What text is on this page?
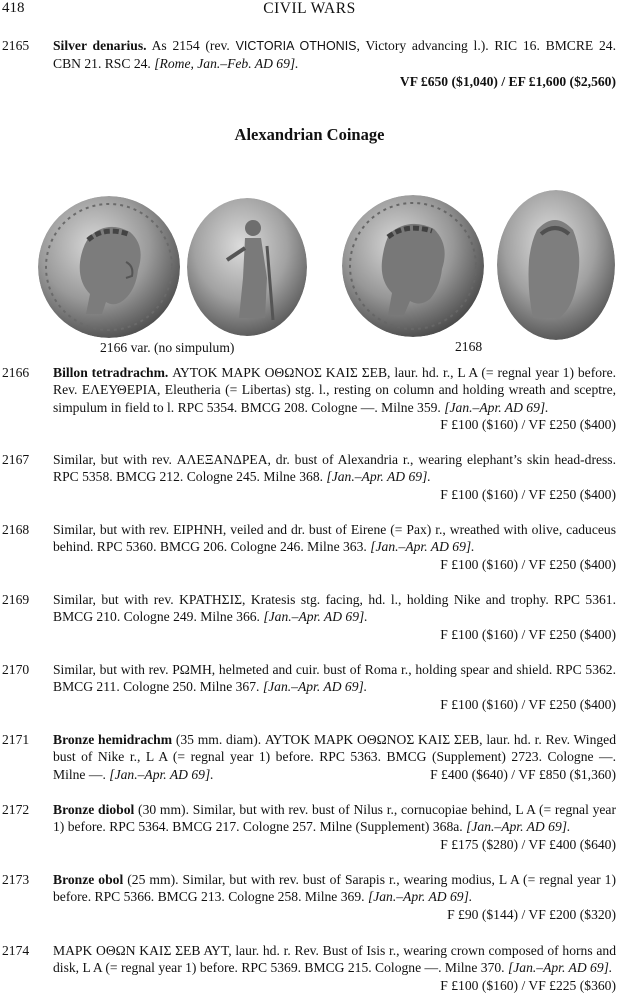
CIVIL WARS
418
2165 Silver denarius. As 2154 (rev. VICTORIA OTHONIS, Victory advancing l.). RIC 16. BMCRE 24. CBN 21. RSC 24. [Rome, Jan.–Feb. AD 69].
VF £650 ($1,040) / EF £1,600 ($2,560)
Alexandrian Coinage
2166 var. (no simpulum)	2168
2166 Billon tetradrachm. ΑΥΤΟΚ ΜΑΡΚ ΟΘΩΝΟΣ ΚΑΙΣ ΣΕΒ, laur. hd. r., L A (= regnal year 1) before. Rev. ΕΛΕΥΘΕΡΙΑ, Eleutheria (= Libertas) stg. l., resting on column and holding wreath and sceptre, simpulum in field to l. RPC 5354. BMCG 208. Cologne —. Milne 359. [Jan.–Apr. AD 69].
F £100 ($160) / VF £250 ($400)
2167 Similar, but with rev. ΑΛΕΞΑΝΔΡΕΑ, dr. bust of Alexandria r., wearing elephant’s skin head-dress. RPC 5358. BMCG 212. Cologne 245. Milne 368. [Jan.–Apr. AD 69].
F £100 ($160) / VF £250 ($400)
2168 Similar, but with rev. ΕΙΡΗΝΗ, veiled and dr. bust of Eirene (= Pax) r., wreathed with olive, caduceus behind. RPC 5360. BMCG 206. Cologne 246. Milne 363. [Jan.–Apr. AD 69].
F £100 ($160) / VF £250 ($400)
2169 Similar, but with rev. ΚΡΑΤΗΣΙΣ, Kratesis stg. facing, hd. l., holding Nike and trophy. RPC 5361. BMCG 210. Cologne 249. Milne 366. [Jan.–Apr. AD 69].
F £100 ($160) / VF £250 ($400)
2170 Similar, but with rev. ΡΩΜΗ, helmeted and cuir. bust of Roma r., holding spear and shield. RPC 5362. BMCG 211. Cologne 250. Milne 367. [Jan.–Apr. AD 69].
F £100 ($160) / VF £250 ($400)
2171 Bronze hemidrachm (35 mm. diam). ΑΥΤΟΚ ΜΑΡΚ ΟΘΩΝΟΣ ΚΑΙΣ ΣΕΒ, laur. hd. r. Rev. Winged bust of Nike r., L A (= regnal year 1) before. RPC 5363. BMCG (Supplement) 2723. Cologne —. Milne —. [Jan.–Apr. AD 69].	F £400 ($640) / VF £850 ($1,360)
2172 Bronze diobol (30 mm). Similar, but with rev. bust of Nilus r., cornucopiae behind, L A (= regnal year 1) before. RPC 5364. BMCG 217. Cologne 257. Milne (Supplement) 368a. [Jan.–Apr. AD 69].
F £175 ($280) / VF £400 ($640)
2173 Bronze obol (25 mm). Similar, but with rev. bust of Sarapis r., wearing modius, L A (= regnal year 1) before. RPC 5366. BMCG 213. Cologne 258. Milne 369. [Jan.–Apr. AD 69].
F £90 ($144) / VF £200 ($320)
2174 ΜΑΡΚ ΟΘΩΝ ΚΑΙΣ ΣΕΒ ΑΥΤ, laur. hd. r. Rev. Bust of Isis r., wearing crown composed of horns and disk, L A (= regnal year 1) before. RPC 5369. BMCG 215. Cologne —. Milne 370. [Jan.–Apr. AD 69].
F £100 ($160) / VF £225 ($360)
